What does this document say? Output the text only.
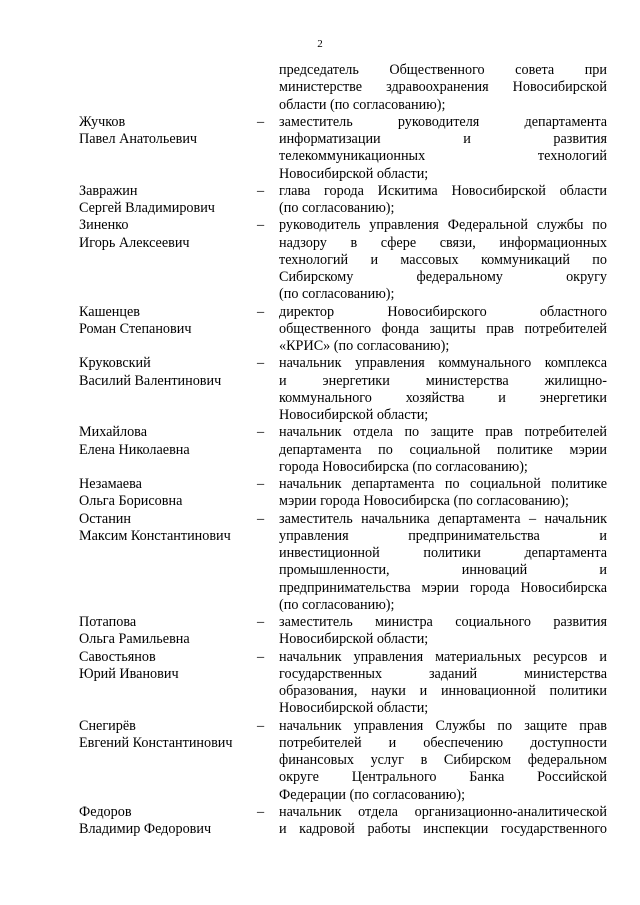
2
председатель Общественного совета при
министерстве здравоохранения Новосибирской
области (по согласованию);
Жучков
Павел Анатольевич
–	заместитель руководителя департамента
информатизации и развития
телекоммуникационных технологий
Новосибирской области;
Завражин
Сергей Владимирович
–	глава города Искитима Новосибирской области
(по согласованию);
Зиненко
Игорь Алексеевич
–	руководитель управления Федеральной службы по
надзору в сфере связи, информационных
технологий и массовых коммуникаций по
Сибирскому федеральному округу
(по согласованию);
Кашенцев
Роман Степанович
–	директор Новосибирского областного
общественного фонда защиты прав потребителей
«КРИС» (по согласованию);
Круковский
Василий Валентинович
–	начальник управления коммунального комплекса
и энергетики министерства жилищно-
коммунального хозяйства и энергетики
Новосибирской области;
Михайлова
Елена Николаевна
–	начальник отдела по защите прав потребителей
департамента по социальной политике мэрии
города Новосибирска (по согласованию);
Незамаева
Ольга Борисовна
–	начальник департамента по социальной политике
мэрии города Новосибирска (по согласованию);
Останин
Максим Константинович
–	заместитель начальника департамента – начальник
управления предпринимательства и
инвестиционной политики департамента
промышленности, инноваций и
предпринимательства мэрии города Новосибирска
(по согласованию);
Потапова
Ольга Рамильевна
–	заместитель министра социального развития
Новосибирской области;
Савостьянов
Юрий Иванович
–	начальник управления материальных ресурсов и
государственных заданий министерства
образования, науки и инновационной политики
Новосибирской области;
Снегирёв
Евгений Константинович
–	начальник управления Службы по защите прав
потребителей и обеспечению доступности
финансовых услуг в Сибирском федеральном
округе Центрального Банка Российской
Федерации (по согласованию);
Федоров
Владимир Федорович
–	начальник отдела организационно-аналитической
и кадровой работы инспекции государственного
